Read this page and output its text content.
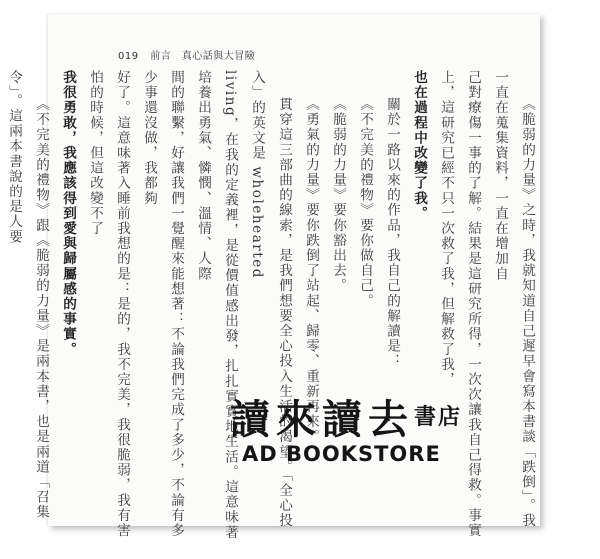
019 前言　真心話與大冒險

《脆弱的力量》之時，我就知道自己遲早會寫本書談「跌倒」。我一直在蒐集資料，一直在增加自

己對療傷一事的了解。結果是這研究所得，一次次讓我自己得救。事實上，這研究已經不只一次救了我，但解救了我，

也在過程中改變了我。

關於一路以來的作品，我自己的解讀是：

《不完美的禮物》要你做自己。

《脆弱的力量》要你豁出去。

《勇氣的力量》要你跌倒了站起、歸零、重新再來。

貫穿這三部曲的線索，是我們想要全心投入生活的渴望。「全心投入」的英文是 wholehearted

living，在我的定義裡，是從價值感出發，扎扎實實地生活。這意味著培養出勇氣、憐憫、溫情、人際

間的聯繫，好讓我們一覺醒來能想著：不論我們完成了多少，不論有多少事還沒做，我都夠

好了。這意味著入睡前我想的是：是的，我不完美，我很脆弱，我有害怕的時候，但這改變不了

我很勇敢，我應該得到愛與歸屬感的事實。

《不完美的禮物》跟《脆弱的力量》是兩本書，也是兩道「召集令」。這兩本書說的是人要

讀來讀去 書店
AD BOOKSTORE
